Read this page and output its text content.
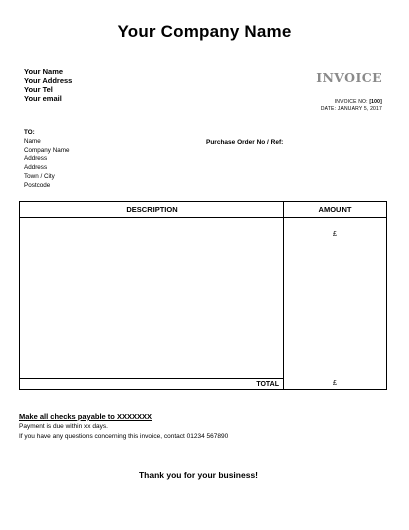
Your Company Name
Your Name
Your Address
Your Tel
Your email
INVOICE
INVOICE NO: [100]
DATE: JANUARY 5, 2017
TO:
Name
Company Name
Address
Address
Town / City
Postcode
Purchase Order No / Ref:
DESCRIPTION	AMOUNT
TOTAL
£
£
Make all checks payable to XXXXXXX
Payment is due within xx days.
If you have any questions concerning this invoice, contact 01234 567890
Thank you for your business!
